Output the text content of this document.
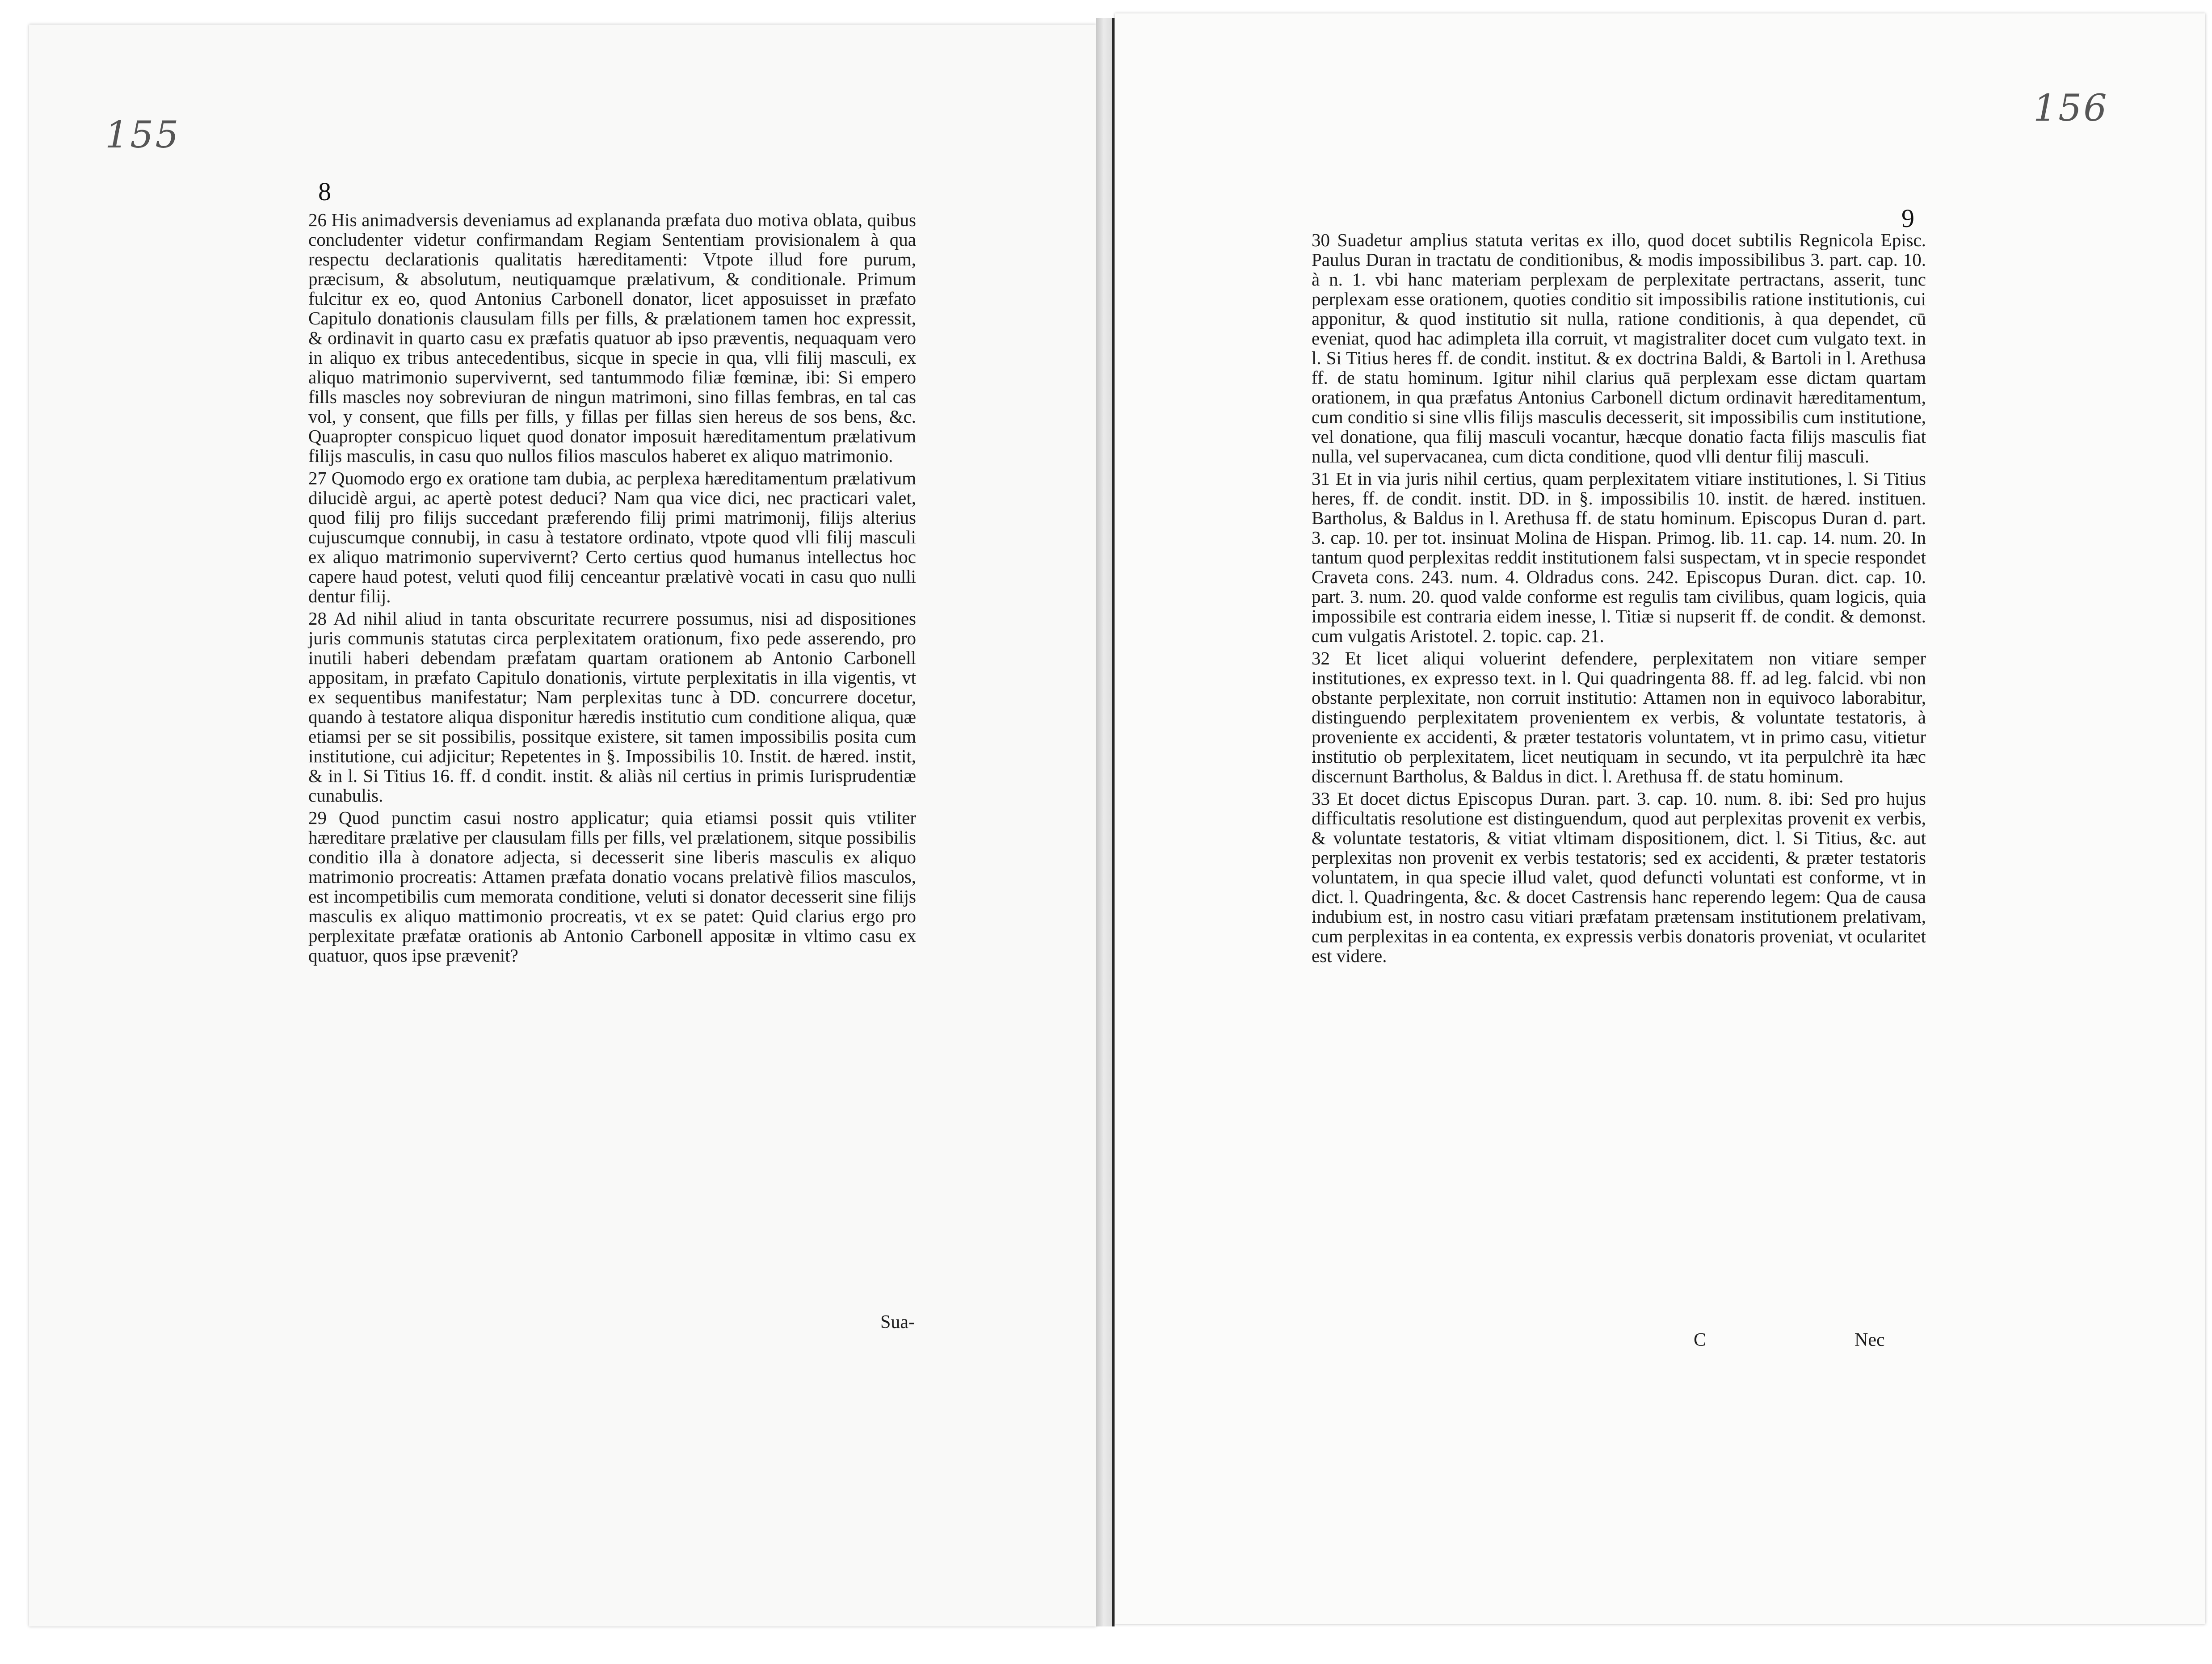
155
8

26 His animadversis deveniamus ad explananda præfata duo motiva oblata, quibus concludenter videtur confirmandam Regiam Sententiam provisionalem à qua respectu declarationis qualitatis hæreditamenti: Vtpote illud fore purum, præcisum, & absolutum, neutiquamque prælativum, & conditionale. Primum fulcitur ex eo, quod Antonius Carbonell donator, licet apposuisset in præfato Capitulo donationis clausulam fills per fills, & prælationem tamen hoc expressit, & ordinavit in quarto casu ex præfatis quatuor ab ipso præventis, nequaquam vero in aliquo ex tribus antecedentibus, sicque in specie in qua, vlli filij masculi, ex aliquo matrimonio supervivernt, sed tantummodo filiæ fœminæ, ibi: Si empero fills mascles noy sobreviuran de ningun matrimoni, sino fillas fembras, en tal cas vol, y consent, que fills per fills, y fillas per fillas sien hereus de sos bens, &c. Quapropter conspicuo liquet quod donator imposuit hæreditamentum prælativum filijs masculis, in casu quo nullos filios masculos haberet ex aliquo matrimonio.

27 Quomodo ergo ex oratione tam dubia, ac perplexa hæreditamentum prælativum dilucidè argui, ac apertè potest deduci? Nam qua vice dici, nec practicari valet, quod filij pro filijs succedant præferendo filij primi matrimonij, filijs alterius cujuscumque connubij, in casu à testatore ordinato, vtpote quod vlli filij masculi ex aliquo matrimonio supervivernt? Certo certius quod humanus intellectus hoc capere haud potest, veluti quod filij cenceantur prælativè vocati in casu quo nulli dentur filij.

28 Ad nihil aliud in tanta obscuritate recurrere possumus, nisi ad dispositiones juris communis statutas circa perplexitatem orationum, fixo pede asserendo, pro inutili haberi debendam præfatam quartam orationem ab Antonio Carbonell appositam, in præfato Capitulo donationis, virtute perplexitatis in illa vigentis, vt ex sequentibus manifestatur; Nam perplexitas tunc à DD. concurrere docetur, quando à testatore aliqua disponitur hæredis institutio cum conditione aliqua, quæ etiamsi per se sit possibilis, possitque existere, sit tamen impossibilis posita cum institutione, cui adjicitur; Repetentes in §. Impossibilis 10. Instit. de hæred. instit, & in l. Si Titius 16. ff. d condit. instit. & aliàs nil certius in primis Iurisprudentiæ cunabulis.

29 Quod punctim casui nostro applicatur; quia etiamsi possit quis vtiliter hæreditare prælative per clausulam fills per fills, vel prælationem, sitque possibilis conditio illa à donatore adjecta, si decesserit sine liberis masculis ex aliquo matrimonio procreatis: Attamen præfata donatio vocans prelativè filios masculos, est incompetibilis cum memorata conditione, veluti si donator decesserit sine filijs masculis ex aliquo mattimonio procreatis, vt ex se patet: Quid clarius ergo pro perplexitate præfatæ orationis ab Antonio Carbonell appositæ in vltimo casu ex quatuor, quos ipse prævenit?

Sua-
156
9

30 Suadetur amplius statuta veritas ex illo, quod docet subtilis Regnicola Episc. Paulus Duran in tractatu de conditionibus, & modis impossibilibus 3. part. cap. 10. à n. 1. vbi hanc materiam perplexam de perplexitate pertractans, asserit, tunc perplexam esse orationem, quoties conditio sit impossibilis ratione institutionis, cui apponitur, & quod institutio sit nulla, ratione conditionis, à qua dependet, cū eveniat, quod hac adimpleta illa corruit, vt magistraliter docet cum vulgato text. in l. Si Titius heres ff. de condit. institut. & ex doctrina Baldi, & Bartoli in l. Arethusa ff. de statu hominum. Igitur nihil clarius quā perplexam esse dictam quartam orationem, in qua præfatus Antonius Carbonell dictum ordinavit hæreditamentum, cum conditio si sine vllis filijs masculis decesserit, sit impossibilis cum institutione, vel donatione, qua filij masculi vocantur, hæcque donatio facta filijs masculis fiat nulla, vel supervacanea, cum dicta conditione, quod vlli dentur filij masculi.

31 Et in via juris nihil certius, quam perplexitatem vitiare institutiones, l. Si Titius heres, ff. de condit. instit. DD. in §. impossibilis 10. instit. de hæred. instituen. Bartholus, & Baldus in l. Arethusa ff. de statu hominum. Episcopus Duran d. part. 3. cap. 10. per tot. insinuat Molina de Hispan. Primog. lib. 11. cap. 14. num. 20. In tantum quod perplexitas reddit institutionem falsi suspectam, vt in specie respondet Craveta cons. 243. num. 4. Oldradus cons. 242. Episcopus Duran. dict. cap. 10. part. 3. num. 20. quod valde conforme est regulis tam civilibus, quam logicis, quia impossibile est contraria eidem inesse, l. Titiæ si nupserit ff. de condit. & demonst. cum vulgatis Aristotel. 2. topic. cap. 21.

32 Et licet aliqui voluerint defendere, perplexitatem non vitiare semper institutiones, ex expresso text. in l. Qui quadringenta 88. ff. ad leg. falcid. vbi non obstante perplexitate, non corruit institutio: Attamen non in equivoco laborabitur, distinguendo perplexitatem provenientem ex verbis, & voluntate testatoris, à proveniente ex accidenti, & præter testatoris voluntatem, vt in primo casu, vitietur institutio ob perplexitatem, licet neutiquam in secundo, vt ita perpulchrè ita hæc discernunt Bartholus, & Baldus in dict. l. Arethusa ff. de statu hominum.

33 Et docet dictus Episcopus Duran. part. 3. cap. 10. num. 8. ibi: Sed pro hujus difficultatis resolutione est distinguendum, quod aut perplexitas provenit ex verbis, & voluntate testatoris, & vitiat vltimam dispositionem, dict. l. Si Titius, &c. aut perplexitas non provenit ex verbis testatoris; sed ex accidenti, & præter testatoris voluntatem, in qua specie illud valet, quod defuncti voluntati est conforme, vt in dict. l. Quadringenta, &c. & docet Castrensis hanc reperendo legem: Qua de causa indubium est, in nostro casu vitiari præfatam prætensam institutionem prelativam, cum perplexitas in ea contenta, ex expressis verbis donatoris proveniat, vt ocularitet est videre.

C	Nec
